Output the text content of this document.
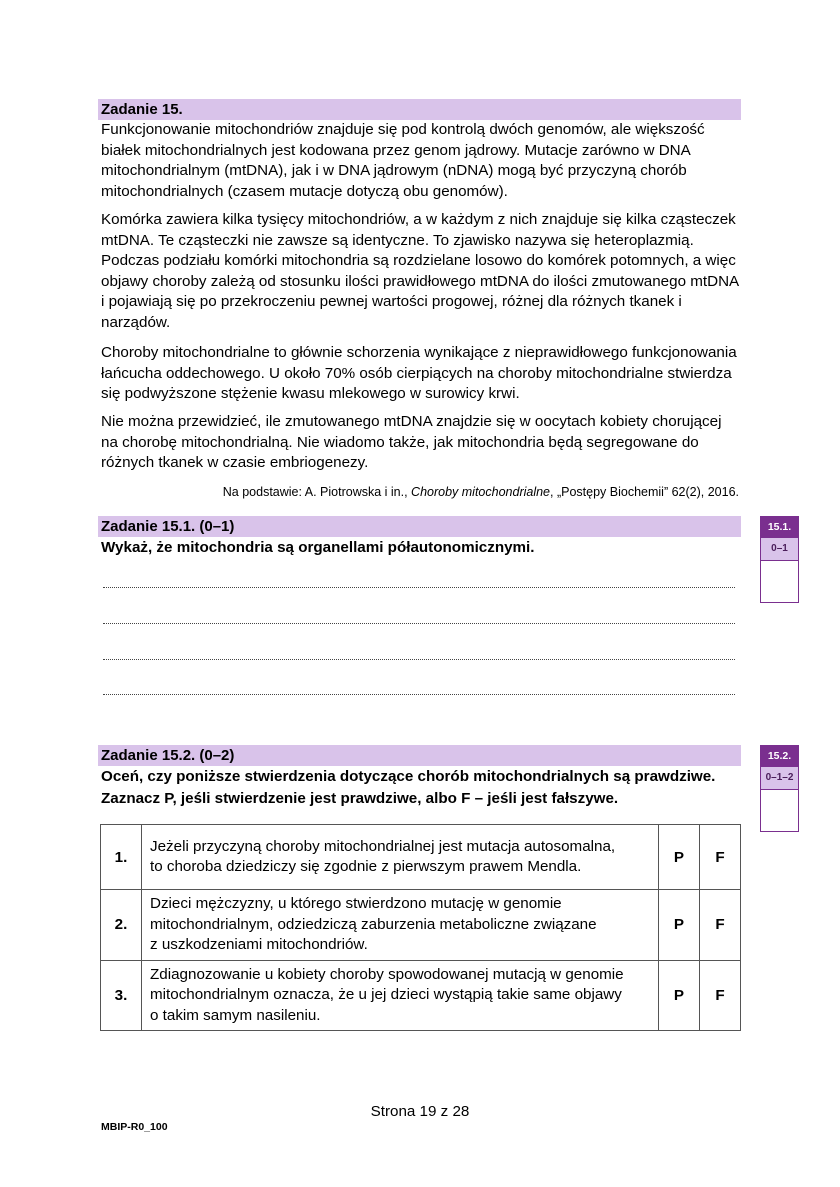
Zadanie 15.

Funkcjonowanie mitochondriów znajduje się pod kontrolą dwóch genomów, ale większość białek mitochondrialnych jest kodowana przez genom jądrowy. Mutacje zarówno w DNA mitochondrialnym (mtDNA), jak i w DNA jądrowym (nDNA) mogą być przyczyną chorób mitochondrialnych (czasem mutacje dotyczą obu genomów).

Komórka zawiera kilka tysięcy mitochondriów, a w każdym z nich znajduje się kilka cząsteczek mtDNA. Te cząsteczki nie zawsze są identyczne. To zjawisko nazywa się heteroplazmią. Podczas podziału komórki mitochondria są rozdzielane losowo do komórek potomnych, a więc objawy choroby zależą od stosunku ilości prawidłowego mtDNA do ilości zmutowanego mtDNA i pojawiają się po przekroczeniu pewnej wartości progowej, różnej dla różnych tkanek i narządów.

Choroby mitochondrialne to głównie schorzenia wynikające z nieprawidłowego funkcjonowania łańcucha oddechowego. U około 70% osób cierpiących na choroby mitochondrialne stwierdza się podwyższone stężenie kwasu mlekowego w surowicy krwi.

Nie można przewidzieć, ile zmutowanego mtDNA znajdzie się w oocytach kobiety chorującej na chorobę mitochondrialną. Nie wiadomo także, jak mitochondria będą segregowane do różnych tkanek w czasie embriogenezy.

Na podstawie: A. Piotrowska i in., Choroby mitochondrialne, „Postępy Biochemii” 62(2), 2016.
Zadanie 15.1. (0–1)
Wykaż, że mitochondria są organellami półautonomicznymi.
15.1.
0–1
Zadanie 15.2. (0–2)
Oceń, czy poniższe stwierdzenia dotyczące chorób mitochondrialnych są prawdziwe.
Zaznacz P, jeśli stwierdzenie jest prawdziwe, albo F – jeśli jest fałszywe.
15.2.
0–1–2
1.	Jeżeli przyczyną choroby mitochondrialnej jest mutacja autosomalna,
to choroba dziedziczy się zgodnie z pierwszym prawem Mendla.	P	F
2.	Dzieci mężczyzny, u którego stwierdzono mutację w genomie
mitochondrialnym, odziedziczą zaburzenia metaboliczne związane
z uszkodzeniami mitochondriów.	P	F
3.	Zdiagnozowanie u kobiety choroby spowodowanej mutacją w genomie
mitochondrialnym oznacza, że u jej dzieci wystąpią takie same objawy
o takim samym nasileniu.	P	F
Strona 19 z 28
MBIP-R0_100
